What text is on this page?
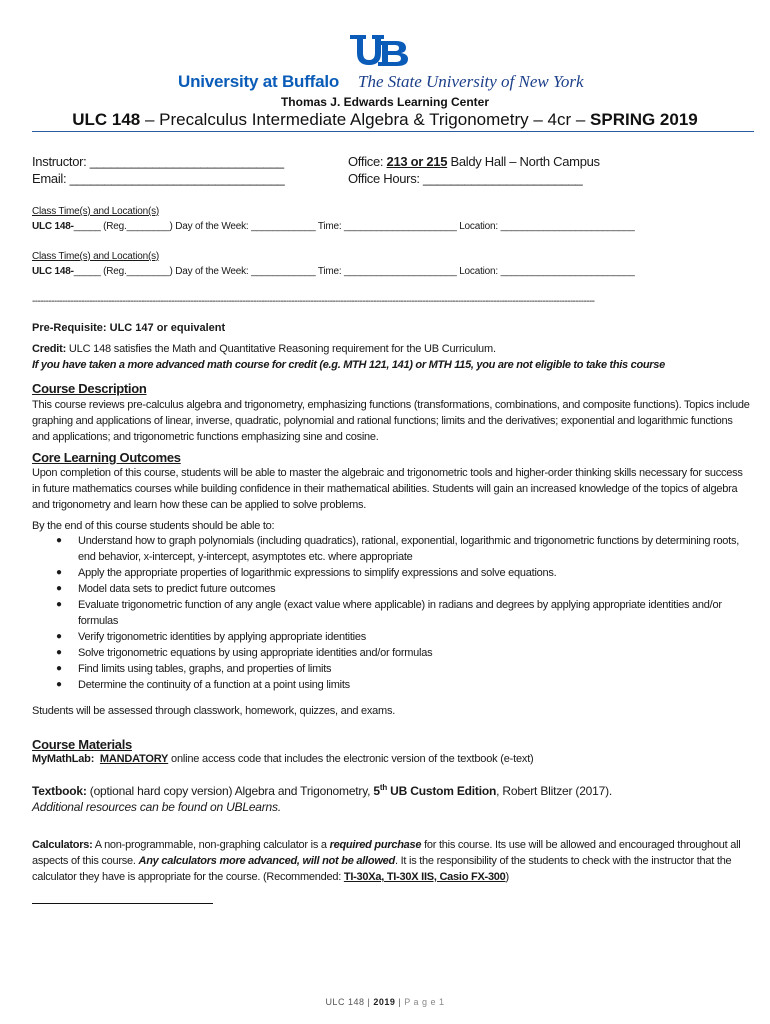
University at Buffalo The State University of New York
Thomas J. Edwards Learning Center
ULC 148 – Precalculus Intermediate Algebra & Trigonometry – 4cr – SPRING 2019
Instructor: ____________________________
Email: _______________________________
Office: 213 or 215 Baldy Hall – North Campus
Office Hours: _______________________
Class Time(s) and Location(s)
ULC 148-_____ (Reg.________) Day of the Week: ____________ Time: _____________________ Location: _________________________
Class Time(s) and Location(s)
ULC 148-_____ (Reg.________) Day of the Week: ____________ Time: _____________________ Location: _________________________
--------------------------------------------------------------------------------------------------------------------------------------------------------------------------------------------------------------
Pre-Requisite: ULC 147 or equivalent
Credit: ULC 148 satisfies the Math and Quantitative Reasoning requirement for the UB Curriculum.
If you have taken a more advanced math course for credit (e.g. MTH 121, 141) or MTH 115, you are not eligible to take this course
Course Description
This course reviews pre-calculus algebra and trigonometry, emphasizing functions (transformations, combinations, and composite functions). Topics include graphing and applications of linear, inverse, quadratic, polynomial and rational functions; limits and the derivatives; exponential and logarithmic functions and applications; and trigonometric functions emphasizing sine and cosine.
Core Learning Outcomes
Upon completion of this course, students will be able to master the algebraic and trigonometric tools and higher-order thinking skills necessary for success in future mathematics courses while building confidence in their mathematical abilities. Students will gain an increased knowledge of the topics of algebra and trigonometry and learn how these can be applied to solve problems.
By the end of this course students should be able to:
● Understand how to graph polynomials (including quadratics), rational, exponential, logarithmic and trigonometric functions by determining roots, end behavior, x-intercept, y-intercept, asymptotes etc. where appropriate
● Apply the appropriate properties of logarithmic expressions to simplify expressions and solve equations.
● Model data sets to predict future outcomes
● Evaluate trigonometric function of any angle (exact value where applicable) in radians and degrees by applying appropriate identities and/or formulas
● Verify trigonometric identities by applying appropriate identities
● Solve trigonometric equations by using appropriate identities and/or formulas
● Find limits using tables, graphs, and properties of limits
● Determine the continuity of a function at a point using limits
Students will be assessed through classwork, homework, quizzes, and exams.
Course Materials
MyMathLab: MANDATORY online access code that includes the electronic version of the textbook (e-text)
Textbook: (optional hard copy version) Algebra and Trigonometry, 5th UB Custom Edition, Robert Blitzer (2017).
Additional resources can be found on UBLearns.
Calculators: A non-programmable, non-graphing calculator is a required purchase for this course. Its use will be allowed and encouraged throughout all aspects of this course. Any calculators more advanced, will not be allowed. It is the responsibility of the students to check with the instructor that the calculator they have is appropriate for the course. (Recommended: TI-30Xa, TI-30X IIS, Casio FX-300)
ULC 148 | 2019 | P a g e 1
